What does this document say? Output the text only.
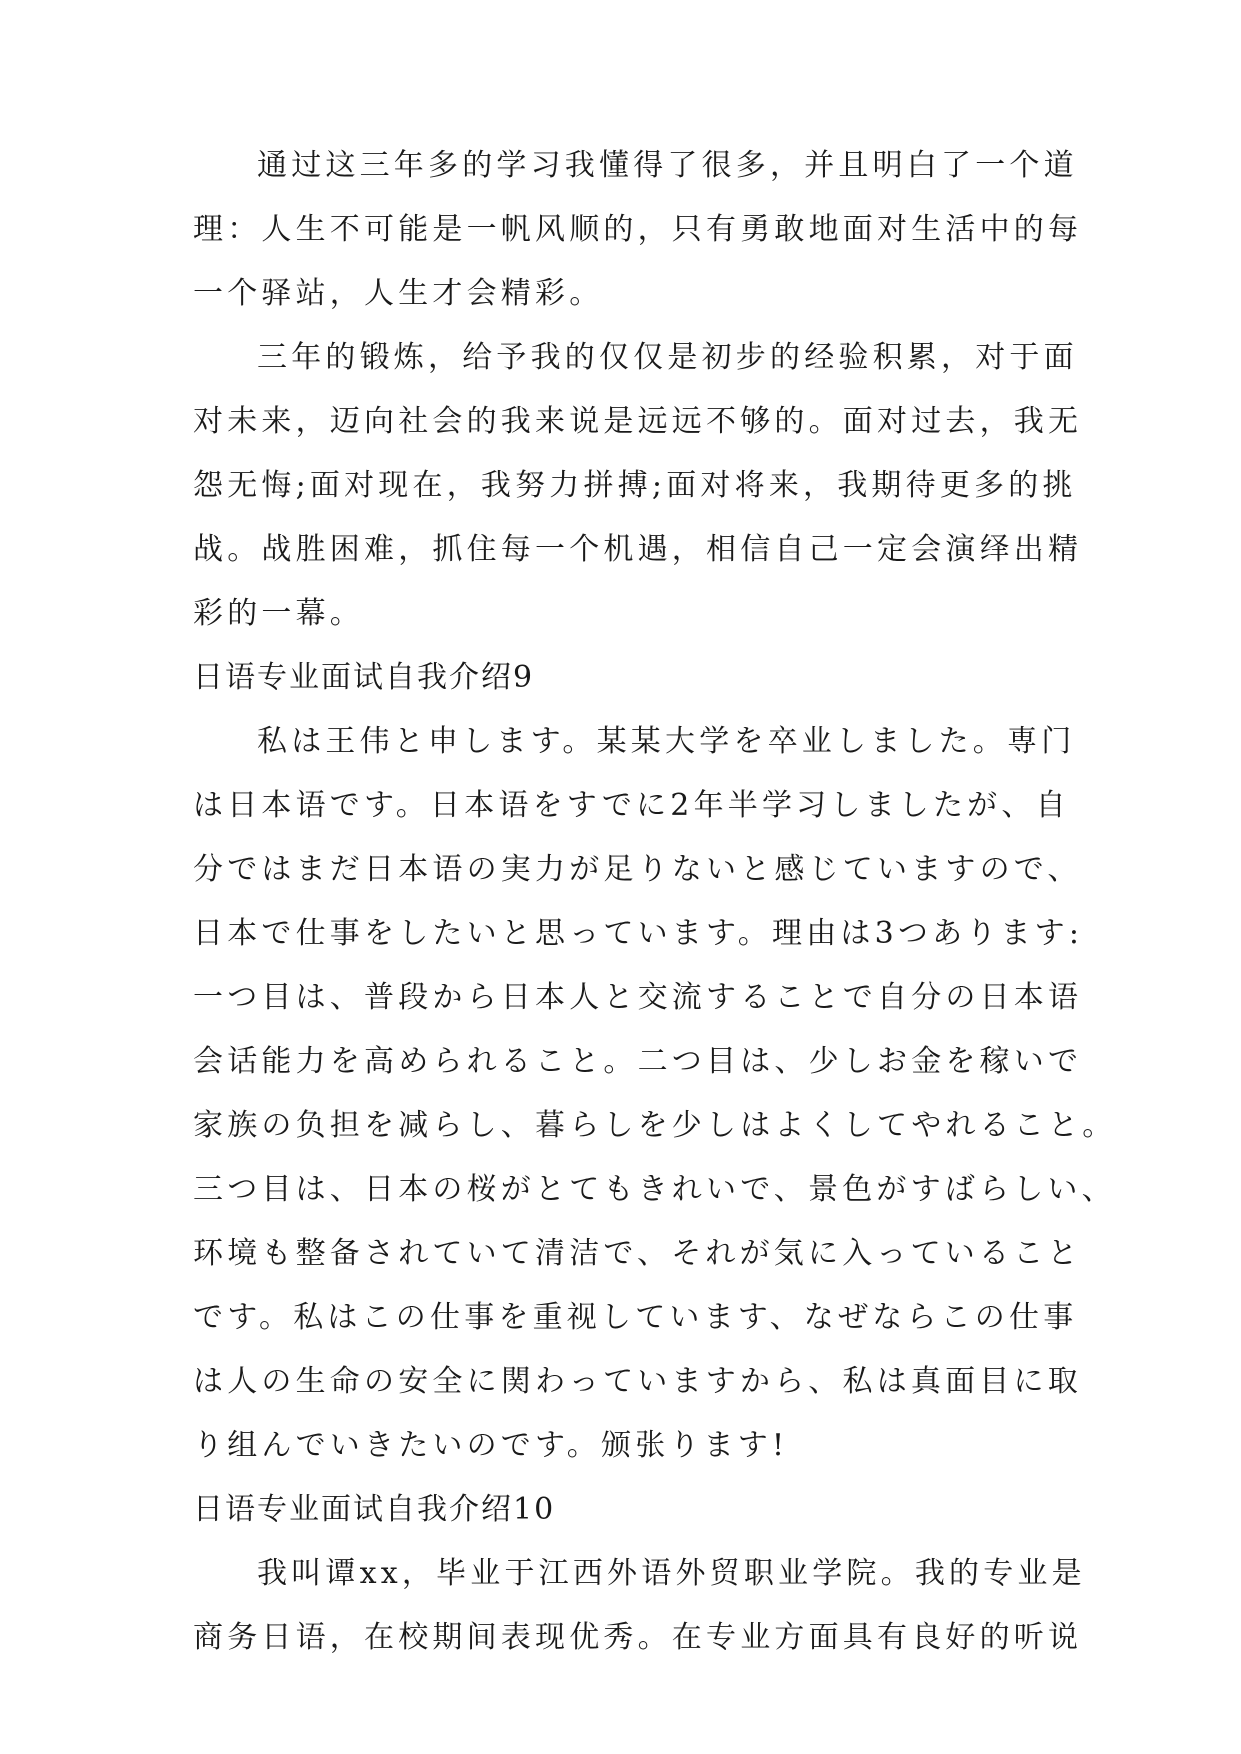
通过这三年多的学习我懂得了很多，并且明白了一个道
理：人生不可能是一帆风顺的，只有勇敢地面对生活中的每
一个驿站，人生才会精彩。
三年的锻炼，给予我的仅仅是初步的经验积累，对于面
对未来，迈向社会的我来说是远远不够的。面对过去，我无
怨无悔;面对现在，我努力拼搏;面对将来，我期待更多的挑
战。战胜困难，抓住每一个机遇，相信自己一定会演绎出精
彩的一幕。
日语专业面试自我介绍9
私は王伟と申します。某某大学を卒业しました。専门
は日本语です。日本语をすでに2年半学习しましたが、自
分ではまだ日本语の実力が足りないと感じていますので、
日本で仕事をしたいと思っています。理由は3つあります:
一つ目は、普段から日本人と交流することで自分の日本语
会话能力を高められること。二つ目は、少しお金を稼いで
家族の负担を减らし、暮らしを少しはよくしてやれること。
三つ目は、日本の桜がとてもきれいで、景色がすばらしい、
环境も整备されていて清洁で、それが気に入っていること
です。私はこの仕事を重视しています、なぜならこの仕事
は人の生命の安全に関わっていますから、私は真面目に取
り组んでいきたいのです。颁张ります!
日语专业面试自我介绍10
我叫谭xx，毕业于江西外语外贸职业学院。我的专业是
商务日语，在校期间表现优秀。在专业方面具有良好的听说
